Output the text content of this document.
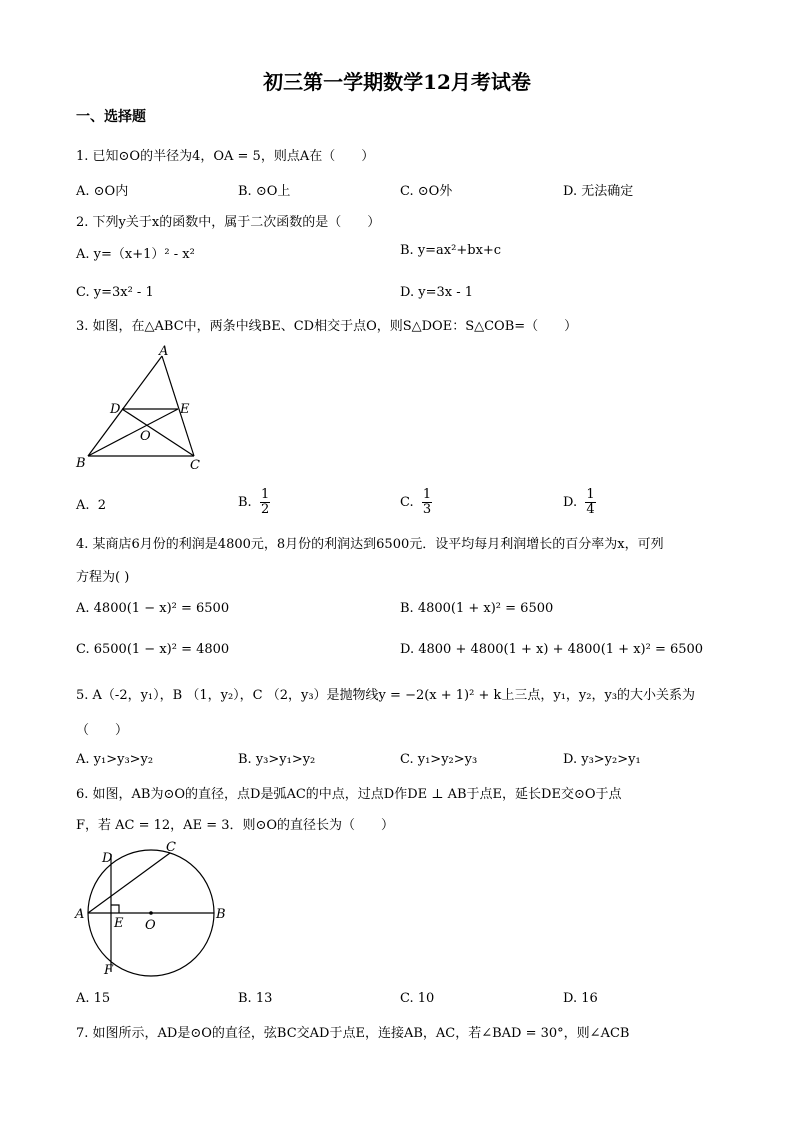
初三第一学期数学12月考试卷
一、选择题
1. 已知⊙O的半径为4，OA = 5，则点A在（　　）
A. ⊙O内	B. ⊙O上	C. ⊙O外	D. 无法确定
2. 下列y关于x的函数中，属于二次函数的是（　　）
A. y=（x+1）² - x²	B. y=ax²+bx+c
C. y=3x² - 1	D. y=3x - 1
3. 如图，在△ABC中，两条中线BE、CD相交于点O，则S△DOE：S△COB=（　　）
A
B	C
D	E
O
A. 2	B. $\frac{1}{2}$	C. $\frac{1}{3}$	D. $\frac{1}{4}$
4. 某商店6月份的利润是4800元，8月份的利润达到6500元．设平均每月利润增长的百分率为x，可列
方程为( )
A. 4800(1 − x)² = 6500	B. 4800(1 + x)² = 6500
C. 6500(1 − x)² = 4800	D. 4800 + 4800(1 + x) + 4800(1 + x)² = 6500
5. A（-2，y₁），B （1，y₂），C （2，y₃）是抛物线y = −2(x + 1)² + k上三点，y₁，y₂，y₃的大小关系为
（　　）
A. y₁>y₃>y₂	B. y₃>y₁>y₂	C. y₁>y₂>y₃	D. y₃>y₂>y₁
6. 如图，AB为⊙O的直径，点D是弧AC的中点，过点D作DE ⊥ AB于点E，延长DE交⊙O于点
F，若 AC = 12，AE = 3．则⊙O的直径长为（　　）
D
C
A	B
E O
F
A. 15	B. 13	C. 10	D. 16
7. 如图所示，AD是⊙O的直径，弦BC交AD于点E，连接AB，AC，若∠BAD = 30°，则∠ACB
